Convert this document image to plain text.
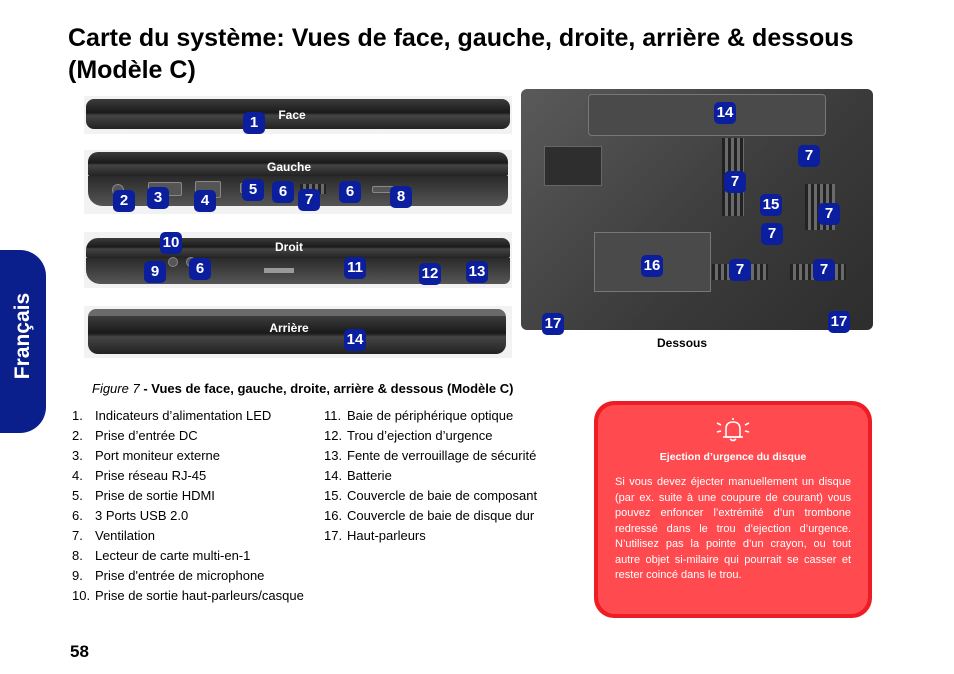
Carte du système: Vues de face, gauche, droite, arrière & dessous (Modèle C)
Français
Face
1
Gauche
2	3	4
5	6	7	6	8
Droit
10
9	6	11	12 13
Arrière
14
14
7
7
15
7
7
16	7	7
17	17
Dessous
Figure 7 - Vues de face, gauche, droite, arrière & dessous (Modèle C)
1. Indicateurs d’alimentation LED
2. Prise d’entrée DC
3. Port moniteur externe
4. Prise réseau RJ-45
5. Prise de sortie HDMI
6. 3 Ports USB 2.0
7. Ventilation
8. Lecteur de carte multi-en-1
9. Prise d'entrée de microphone
10. Prise de sortie haut-parleurs/casque
11. Baie de périphérique optique
12. Trou d’ejection d’urgence
13. Fente de verrouillage de sécurité
14. Batterie
15. Couvercle de baie de composant
16. Couvercle de baie de disque dur
17. Haut-parleurs
Ejection d’urgence du disque
Si vous devez éjecter manuellement un disque (par ex. suite à une coupure de courant) vous pouvez enfoncer l’extrémité d’un trombone redressé dans le trou d’ejection d’urgence. N’utilisez pas la pointe d’un crayon, ou tout autre objet si-milaire qui pourrait se casser et rester coincé dans le trou.
58
